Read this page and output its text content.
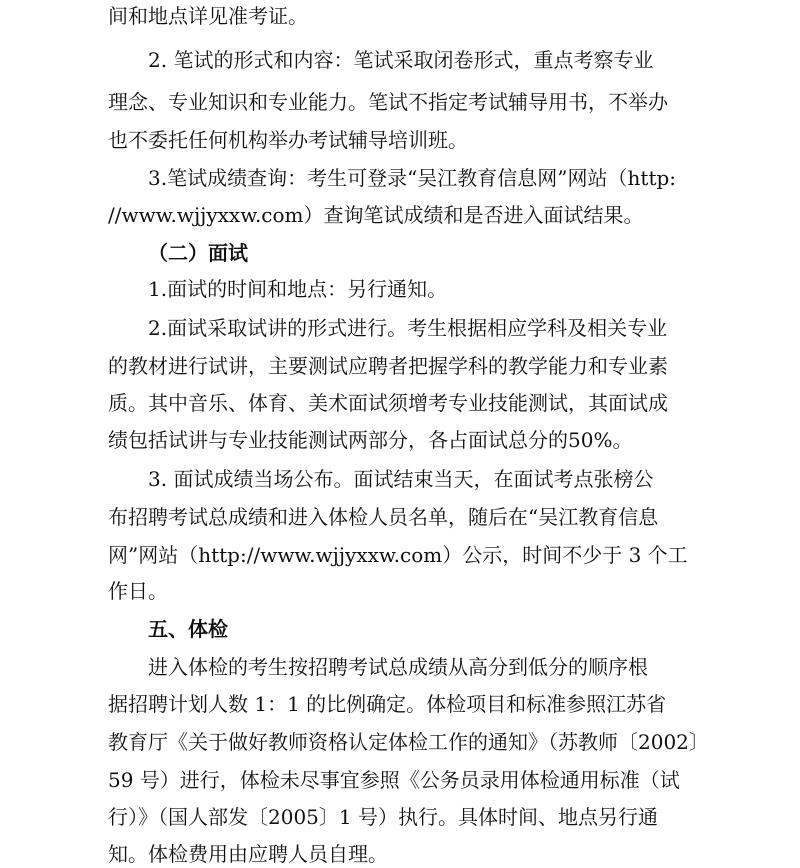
间和地点详见准考证。
2. 笔试的形式和内容：笔试采取闭卷形式，重点考察专业
理念、专业知识和专业能力。笔试不指定考试辅导用书，不举办
也不委托任何机构举办考试辅导培训班。
3.笔试成绩查询：考生可登录“吴江教育信息网”网站（http:
//www.wjjyxxw.com）查询笔试成绩和是否进入面试结果。
（二）面试
1.面试的时间和地点：另行通知。
2.面试采取试讲的形式进行。考生根据相应学科及相关专业
的教材进行试讲，主要测试应聘者把握学科的教学能力和专业素
质。其中音乐、体育、美术面试须增考专业技能测试，其面试成
绩包括试讲与专业技能测试两部分，各占面试总分的50%。
3. 面试成绩当场公布。面试结束当天，在面试考点张榜公
布招聘考试总成绩和进入体检人员名单，随后在“吴江教育信息
网”网站（http://www.wjjyxxw.com）公示，时间不少于 3 个工
作日。
五、体检
进入体检的考生按招聘考试总成绩从高分到低分的顺序根
据招聘计划人数 1：1 的比例确定。体检项目和标准参照江苏省
教育厅《关于做好教师资格认定体检工作的通知》（苏教师〔2002〕
59 号）进行，体检未尽事宜参照《公务员录用体检通用标准（试
行）》（国人部发〔2005〕1 号）执行。具体时间、地点另行通
知。体检费用由应聘人员自理。
